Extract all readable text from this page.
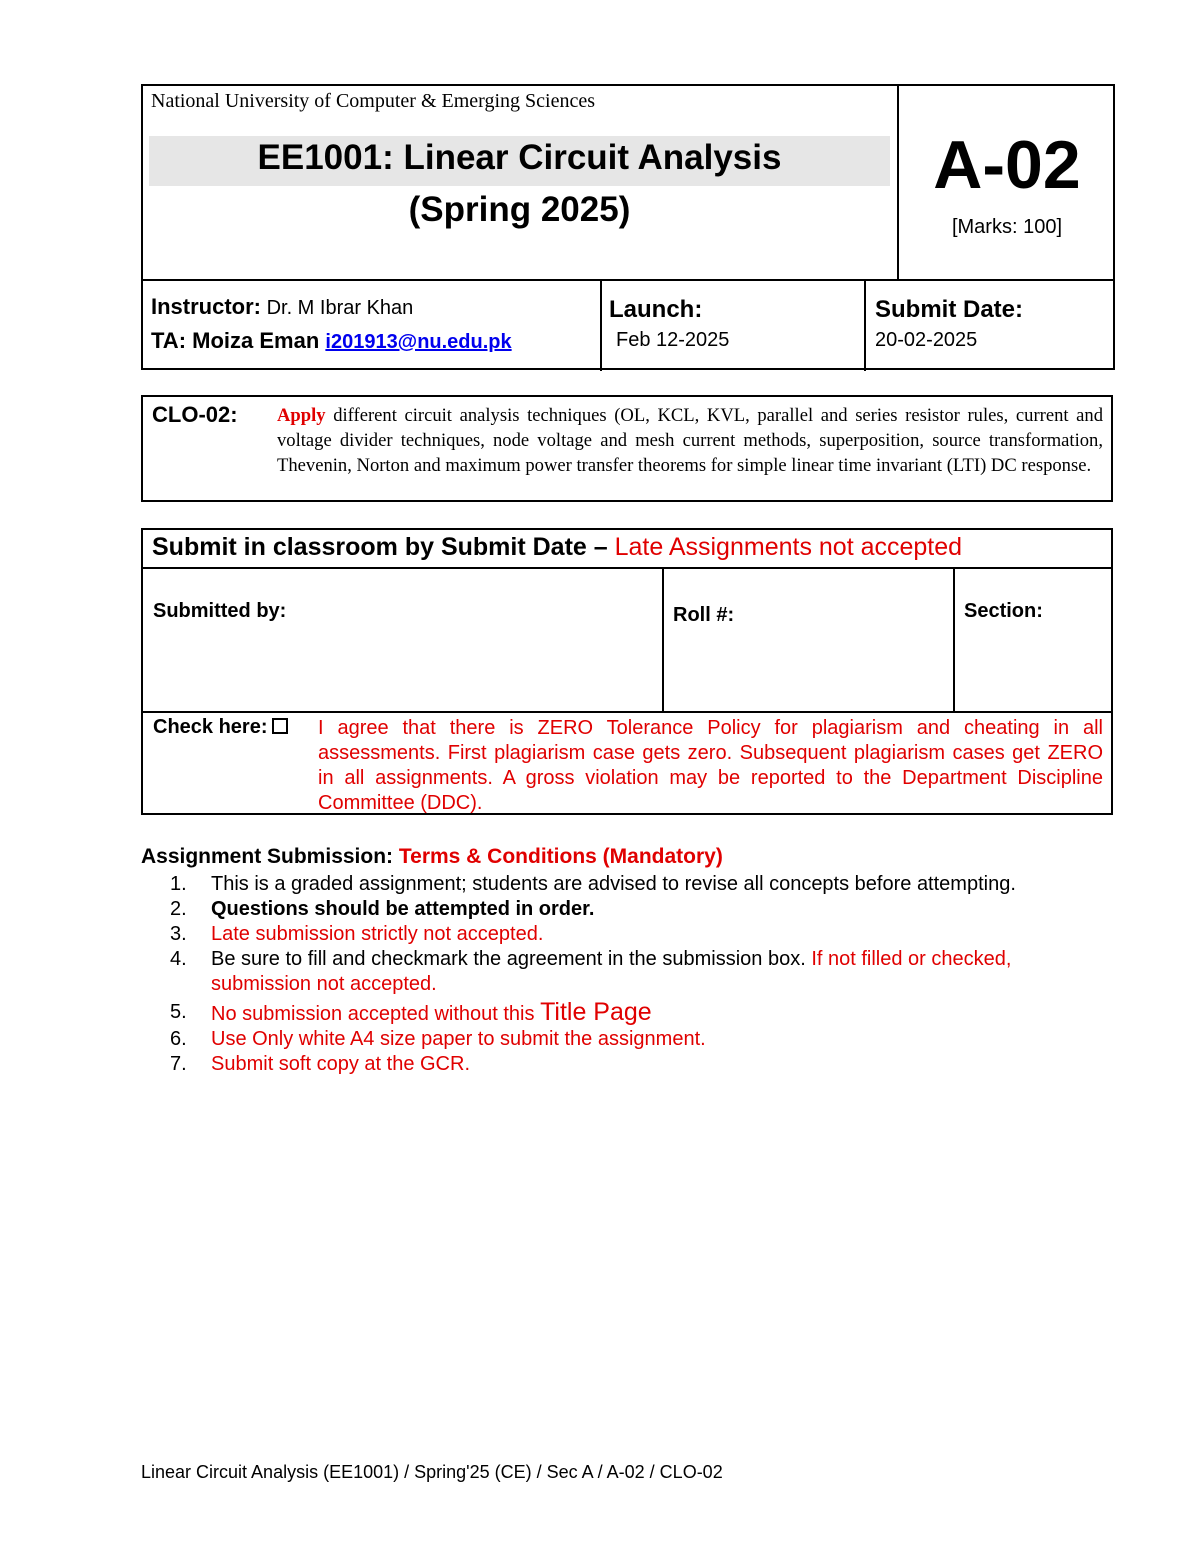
National University of Computer & Emerging Sciences
EE1001: Linear Circuit Analysis
(Spring 2025)
A-02
[Marks: 100]
Instructor: Dr. M Ibrar Khan
TA: Moiza Eman i201913@nu.edu.pk
Launch:
Feb 12-2025
Submit Date:
20-02-2025
CLO-02: Apply different circuit analysis techniques (OL, KCL, KVL, parallel and series resistor rules, current and voltage divider techniques, node voltage and mesh current methods, superposition, source transformation, Thevenin, Norton and maximum power transfer theorems for simple linear time invariant (LTI) DC response.
Submit in classroom by Submit Date – Late Assignments not accepted
Submitted by:	Roll #:	Section:
Check here:	I agree that there is ZERO Tolerance Policy for plagiarism and cheating in all assessments. First plagiarism case gets zero. Subsequent plagiarism cases get ZERO in all assignments. A gross violation may be reported to the Department Discipline Committee (DDC).
Assignment Submission: Terms & Conditions (Mandatory)
1. This is a graded assignment; students are advised to revise all concepts before attempting.
2. Questions should be attempted in order.
3. Late submission strictly not accepted.
4. Be sure to fill and checkmark the agreement in the submission box. If not filled or checked, submission not accepted.
5. No submission accepted without this Title Page
6. Use Only white A4 size paper to submit the assignment.
7. Submit soft copy at the GCR.
Linear Circuit Analysis (EE1001) / Spring'25 (CE) / Sec A / A-02 / CLO-02
